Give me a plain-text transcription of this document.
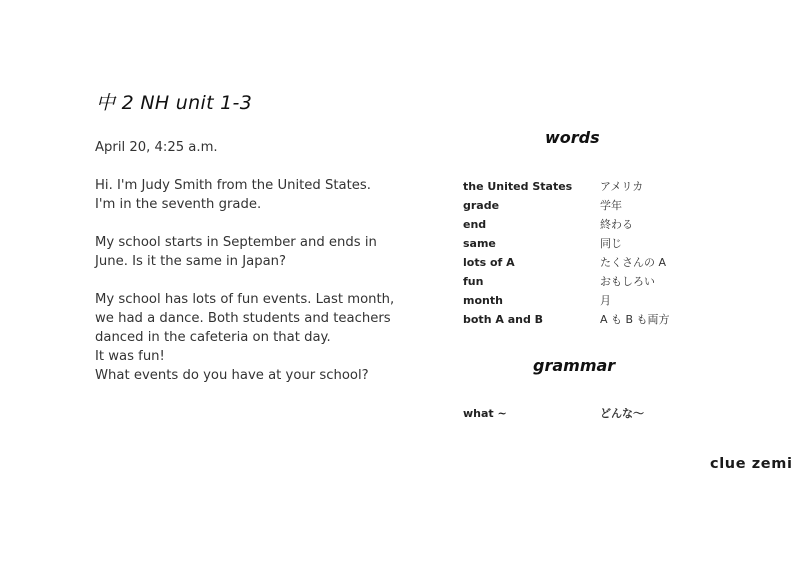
中 2 NH unit 1-3

April 20, 4:25 a.m.

Hi. I'm Judy Smith from the United States.
I'm in the seventh grade.

My school starts in September and ends in
June. Is it the same in Japan?

My school has lots of fun events. Last month,
we had a dance. Both students and teachers
danced in the cafeteria on that day.
It was fun!
What events do you have at your school?

words
the United States	アメリカ
grade	学年
end	終わる
same	同じ
lots of A	たくさんの A
fun	おもしろい
month	月
both A and B	A も B も両方
grammar
what ~	どんな〜
clue zemi
